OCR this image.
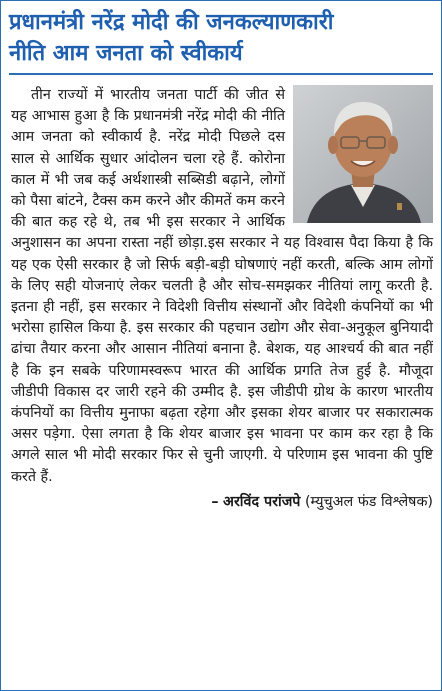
प्रधानमंत्री नरेंद्र मोदी की जनकल्याणकारी
नीति आम जनता को स्वीकार्य

तीन राज्यों में भारतीय जनता पार्टी की जीत से यह आभास हुआ है कि प्रधानमंत्री नरेंद्र मोदी की नीति आम जनता को स्वीकार्य है. नरेंद्र मोदी पिछले दस साल से आर्थिक सुधार आंदोलन चला रहे हैं. कोरोना काल में भी जब कई अर्थशास्त्री सब्सिडी बढ़ाने, लोगों को पैसा बांटने, टैक्स कम करने और कीमतें कम करने की बात कह रहे थे, तब भी इस सरकार ने आर्थिक अनुशासन का अपना रास्ता नहीं छोड़ा.इस सरकार ने यह विश्वास पैदा किया है कि यह एक ऐसी सरकार है जो सिर्फ बड़ी-बड़ी घोषणाएं नहीं करती, बल्कि आम लोगों के लिए सही योजनाएं लेकर चलती है और सोच-समझकर नीतियां लागू करती है. इतना ही नहीं, इस सरकार ने विदेशी वित्तीय संस्थानों और विदेशी कंपनियों का भी भरोसा हासिल किया है. इस सरकार की पहचान उद्योग और सेवा-अनुकूल बुनियादी ढांचा तैयार करना और आसान नीतियां बनाना है. बेशक, यह आश्चर्य की बात नहीं है कि इन सबके परिणामस्वरूप भारत की आर्थिक प्रगति तेज हुई है. मौजूदा जीडीपी विकास दर जारी रहने की उम्मीद है. इस जीडीपी ग्रोथ के कारण भारतीय कंपनियों का वित्तीय मुनाफा बढ़ता रहेगा और इसका शेयर बाजार पर सकारात्मक असर पड़ेगा. ऐसा लगता है कि शेयर बाजार इस भावना पर काम कर रहा है कि अगले साल भी मोदी सरकार फिर से चुनी जाएगी. ये परिणाम इस भावना की पुष्टि करते हैं.

– अरविंद परांजपे (म्युचुअल फंड विश्लेषक)
